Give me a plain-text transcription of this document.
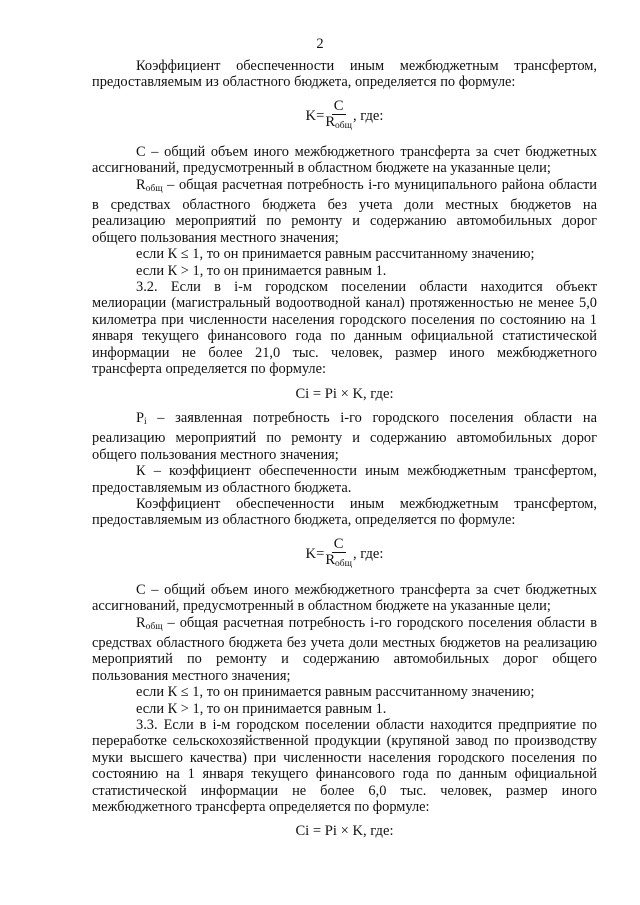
2

Коэффициент обеспеченности иным межбюджетным трансфертом, предоставляемым из областного бюджета, определяется по формуле:

$K= \frac{C}{R_{общ}}$ , где:

С – общий объем иного межбюджетного трансферта за счет бюджетных ассигнований, предусмотренный в областном бюджете на указанные цели;

$R_{общ}$ – общая расчетная потребность i-го муниципального района области в средствах областного бюджета без учета доли местных бюджетов на реализацию мероприятий по ремонту и содержанию автомобильных дорог общего пользования местного значения;

если К ≤ 1, то он принимается равным рассчитанному значению;

если К > 1, то он принимается равным 1.

3.2. Если в i-м городском поселении области находится объект мелиорации (магистральный водоотводной канал) протяженностью не менее 5,0 километра при численности населения городского поселения по состоянию на 1 января текущего финансового года по данным официальной статистической информации не более 21,0 тыс. человек, размер иного межбюджетного трансферта определяется по формуле:

Ci = Pi × K, где:

$P_i$ – заявленная потребность i-го городского поселения области на реализацию мероприятий по ремонту и содержанию автомобильных дорог общего пользования местного значения;

К – коэффициент обеспеченности иным межбюджетным трансфертом, предоставляемым из областного бюджета.

Коэффициент обеспеченности иным межбюджетным трансфертом, предоставляемым из областного бюджета, определяется по формуле:

$K= \frac{C}{R_{общ}}$ , где:

С – общий объем иного межбюджетного трансферта за счет бюджетных ассигнований, предусмотренный в областном бюджете на указанные цели;

$R_{общ}$ – общая расчетная потребность i-го городского поселения области в средствах областного бюджета без учета доли местных бюджетов на реализацию мероприятий по ремонту и содержанию автомобильных дорог общего пользования местного значения;

если К ≤ 1, то он принимается равным рассчитанному значению;

если К > 1, то он принимается равным 1.

3.3. Если в i-м городском поселении области находится предприятие по переработке сельскохозяйственной продукции (крупяной завод по производству муки высшего качества) при численности населения городского поселения по состоянию на 1 января текущего финансового года по данным официальной статистической информации не более 6,0 тыс. человек, размер иного межбюджетного трансферта определяется по формуле:

Ci = Pi × K, где:
